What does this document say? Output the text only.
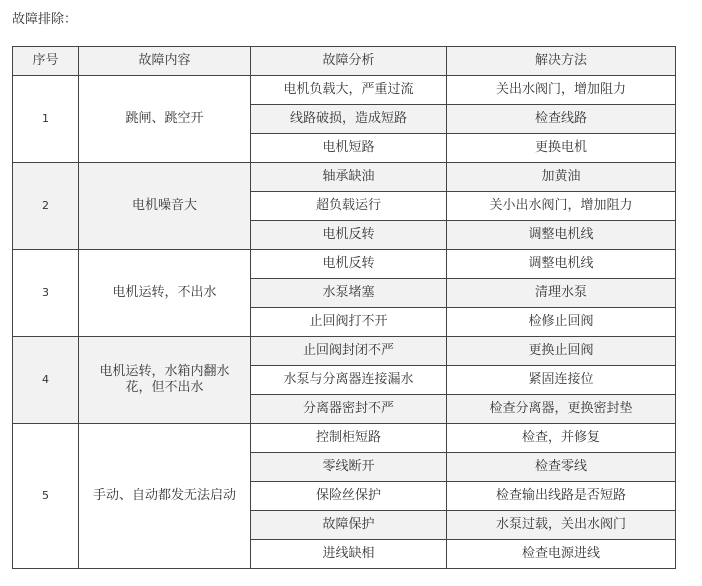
故障排除：
序号	故障内容	故障分析	解决方法
1	跳闸、跳空开	电机负载大，严重过流	关出水阀门，增加阻力
		线路破损，造成短路	检查线路
		电机短路	更换电机
2	电机噪音大	轴承缺油	加黄油
		超负载运行	关小出水阀门，增加阻力
		电机反转	调整电机线
3	电机运转，不出水	电机反转	调整电机线
		水泵堵塞	清理水泵
		止回阀打不开	检修止回阀
4	电机运转，水箱内翻水花，但不出水	止回阀封闭不严	更换止回阀
		水泵与分离器连接漏水	紧固连接位
		分离器密封不严	检查分离器，更换密封垫
5	手动、自动都发无法启动	控制柜短路	检查，并修复
		零线断开	检查零线
		保险丝保护	检查输出线路是否短路
		故障保护	水泵过载，关出水阀门
		进线缺相	检查电源进线
